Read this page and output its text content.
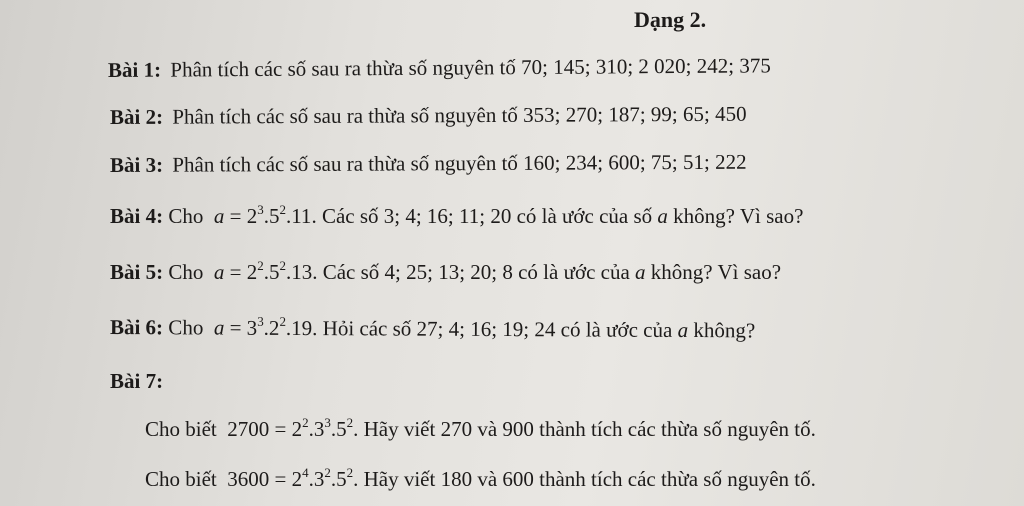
Dạng 2.
Bài 1: Phân tích các số sau ra thừa số nguyên tố 70; 145; 310; 2 020; 242; 375
Bài 2: Phân tích các số sau ra thừa số nguyên tố 353; 270; 187; 99; 65; 450
Bài 3: Phân tích các số sau ra thừa số nguyên tố 160; 234; 600; 75; 51; 222
Bài 4: Cho $a = 2^3.5^2.11$. Các số 3; 4; 16; 11; 20 có là ước của số a không? Vì sao?
Bài 5: Cho $a = 2^2.5^2.13$. Các số 4; 25; 13; 20; 8 có là ước của a không? Vì sao?
Bài 6: Cho $a = 3^3.2^2.19$. Hỏi các số 27; 4; 16; 19; 24 có là ước của a không?
Bài 7:
Cho biết $2700 = 2^2.3^3.5^2$. Hãy viết 270 và 900 thành tích các thừa số nguyên tố.
Cho biết $3600 = 2^4.3^2.5^2$. Hãy viết 180 và 600 thành tích các thừa số nguyên tố.
